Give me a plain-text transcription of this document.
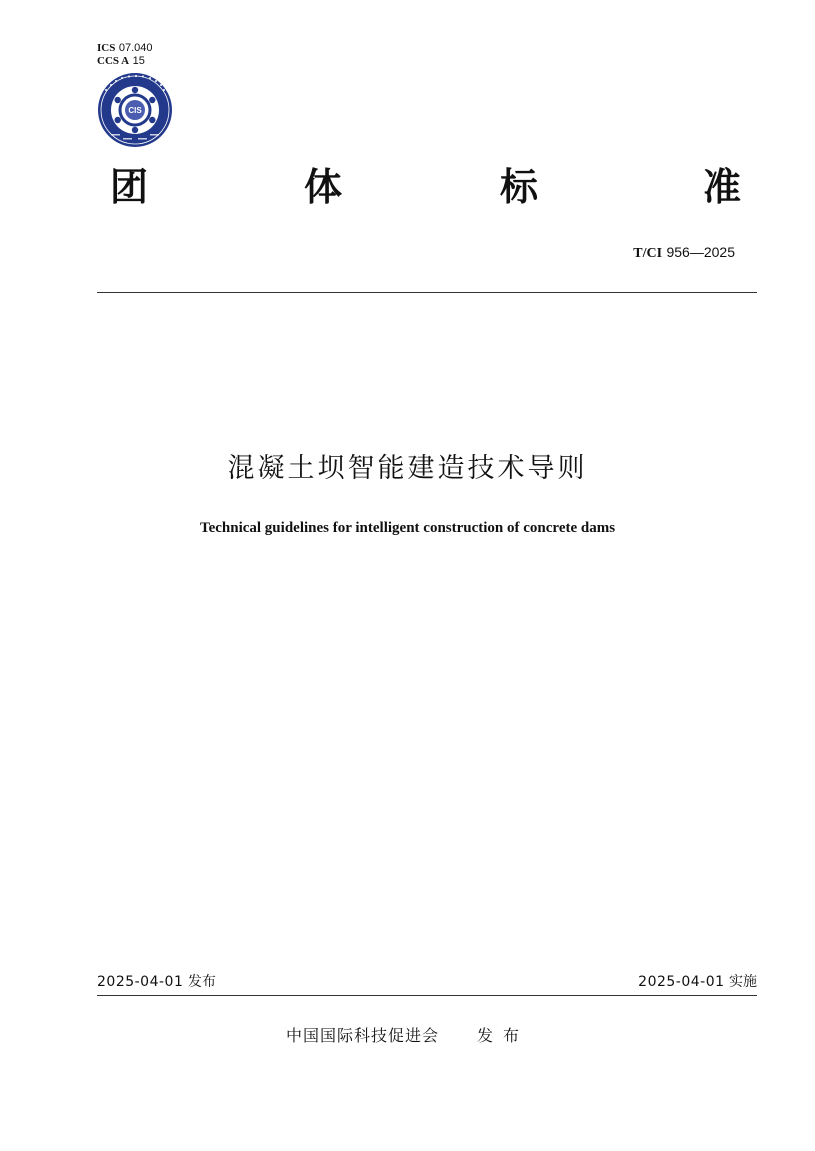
ICS 07.040
CCS A 15
CIS
团	体	标	准
T/CI 956—2025
混凝土坝智能建造技术导则
Technical guidelines for intelligent construction of concrete dams
2025-04-01 发布	2025-04-01 实施
中国国际科技促进会 发布
